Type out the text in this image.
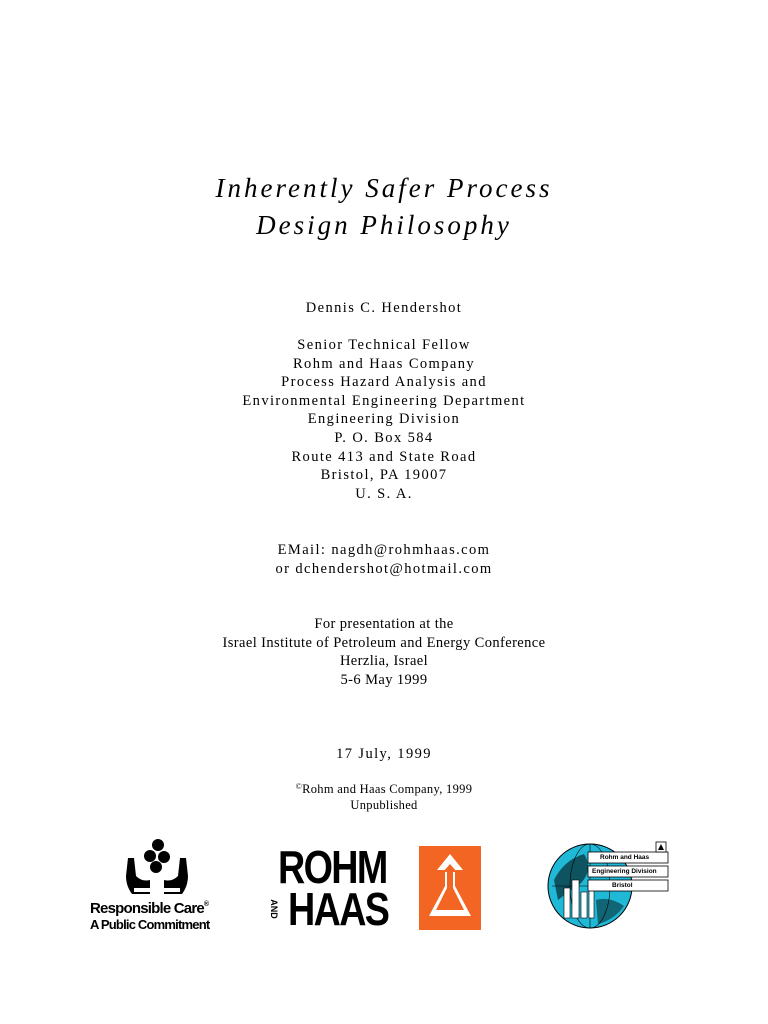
Inherently Safer Process
Design Philosophy
Dennis C. Hendershot
Senior Technical Fellow
Rohm and Haas Company
Process Hazard Analysis and
Environmental Engineering Department
Engineering Division
P. O. Box 584
Route 413 and State Road
Bristol, PA 19007
U. S. A.
EMail: nagdh@rohmhaas.com
or dchendershot@hotmail.com
For presentation at the
Israel Institute of Petroleum and Energy Conference
Herzlia, Israel
5-6 May 1999
17 July, 1999
©Rohm and Haas Company, 1999
Unpublished
Responsible Care®
A Public Commitment
ROHM
AND HAAS
Rohm and Haas
Engineering Division
Bristol
